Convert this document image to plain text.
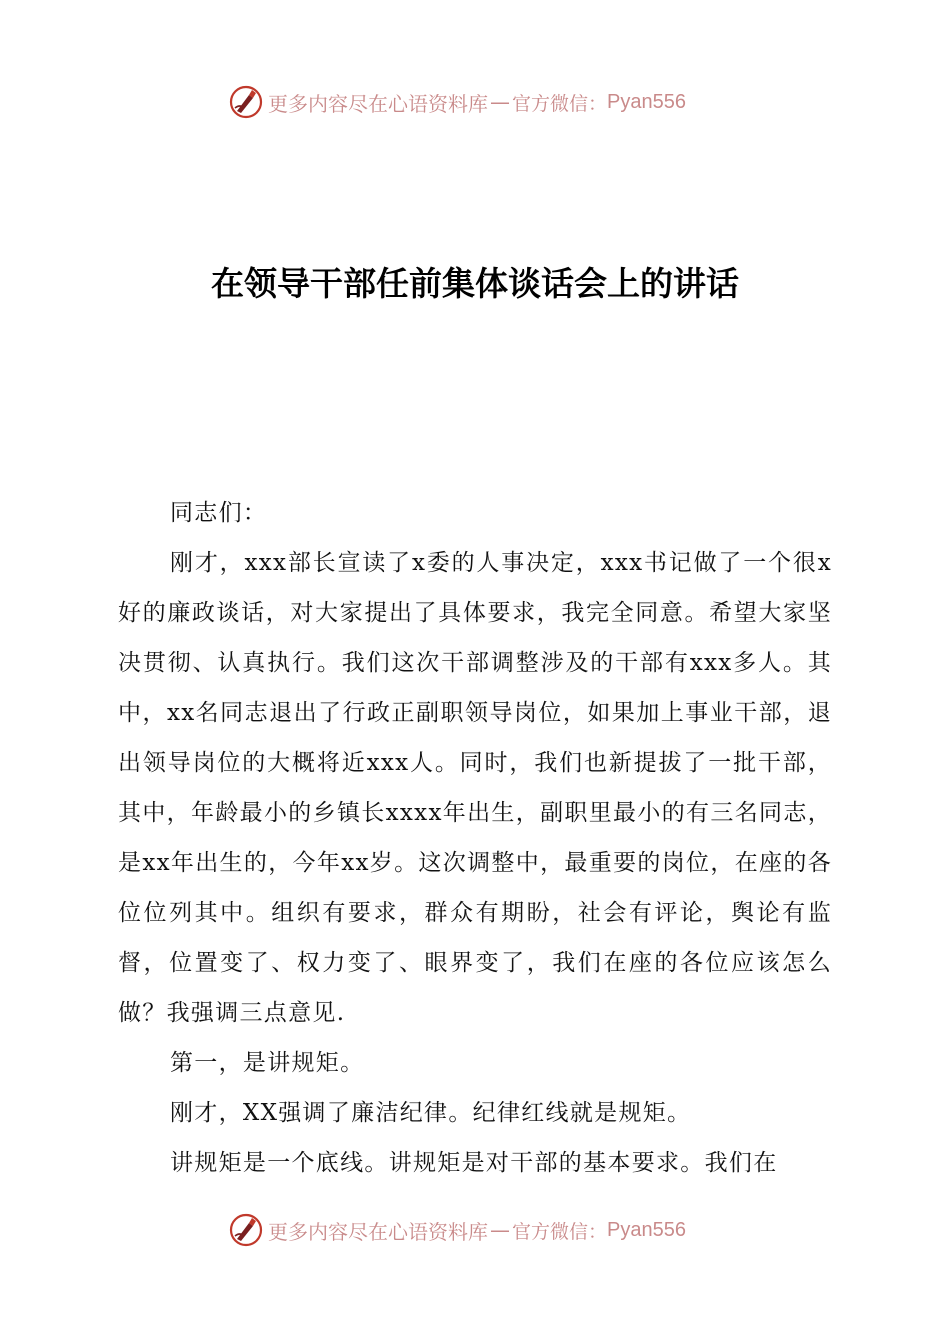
更多内容尽在心语资料库 — 官方微信： Pyan556
在领导干部任前集体谈话会上的讲话

同志们：

刚才，xxx部长宣读了x委的人事决定，xxx书记做了一个很x好的廉政谈话，对大家提出了具体要求，我完全同意。希望大家坚决贯彻、认真执行。我们这次干部调整涉及的干部有xxx多人。其中，xx名同志退出了行政正副职领导岗位，如果加上事业干部，退出领导岗位的大概将近xxx人。同时，我们也新提拔了一批干部，其中，年龄最小的乡镇长xxxx年出生，副职里最小的有三名同志，是xx年出生的，今年xx岁。这次调整中，最重要的岗位，在座的各位位列其中。组织有要求，群众有期盼，社会有评论，舆论有监督，位置变了、权力变了、眼界变了，我们在座的各位应该怎么做？我强调三点意见.

第一，是讲规矩。

刚才，XX强调了廉洁纪律。纪律红线就是规矩。

讲规矩是一个底线。讲规矩是对干部的基本要求。我们在

更多内容尽在心语资料库 — 官方微信： Pyan556
